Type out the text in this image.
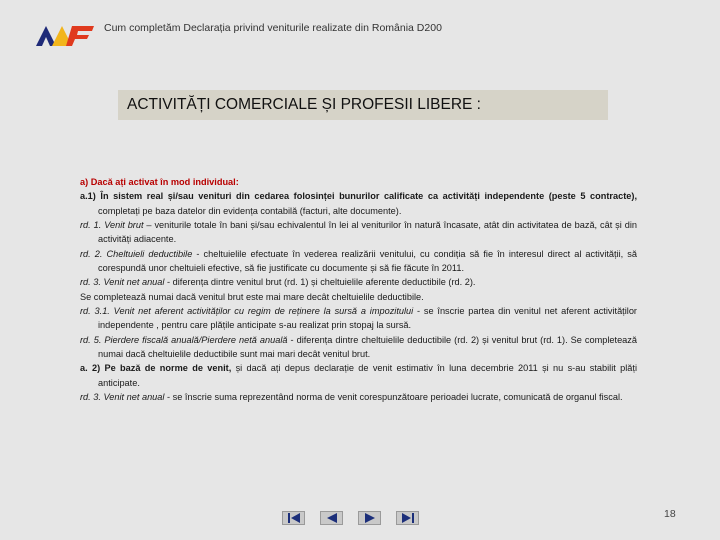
Cum completăm Declarația privind veniturile realizate din România D200
ACTIVITĂȚI COMERCIALE ȘI PROFESII LIBERE :
a) Dacă ați activat în mod individual:
a.1) În sistem real și/sau venituri din cedarea folosinței bunurilor calificate ca activități independente (peste 5 contracte), completați pe baza datelor din evidența contabilă (facturi, alte documente).
rd. 1. Venit brut – veniturile totale în bani și/sau echivalentul în lei al veniturilor în natură încasate, atât din activitatea de bază, cât și din activități adiacente.
rd. 2. Cheltuieli deductibile - cheltuielile efectuate în vederea realizării venitului, cu condiția să fie în interesul direct al activității, să corespundă unor cheltuieli efective, să fie justificate cu documente și să fie făcute în 2011.
rd. 3. Venit net anual - diferența dintre venitul brut (rd. 1) și cheltuielile aferente deductibile (rd. 2).
Se completează numai dacă venitul brut este mai mare decât cheltuielile deductibile.
rd. 3.1. Venit net aferent activităților cu regim de reținere la sursă a impozitului - se înscrie partea din venitul net aferent activităților independente , pentru care plățile anticipate s-au realizat prin stopaj la sursă.
rd. 5. Pierdere fiscală anuală/Pierdere netă anuală - diferența dintre cheltuielile deductibile (rd. 2) și venitul brut (rd. 1). Se completează numai dacă cheltuielile deductibile sunt mai mari decât venitul brut.
a. 2) Pe bază de norme de venit, și dacă ați depus declarație de venit estimativ în luna decembrie 2011 și nu s-au stabilit plăți anticipate.
rd. 3. Venit net anual - se înscrie suma reprezentând norma de venit corespunzătoare perioadei lucrate, comunicată de organul fiscal.
18
